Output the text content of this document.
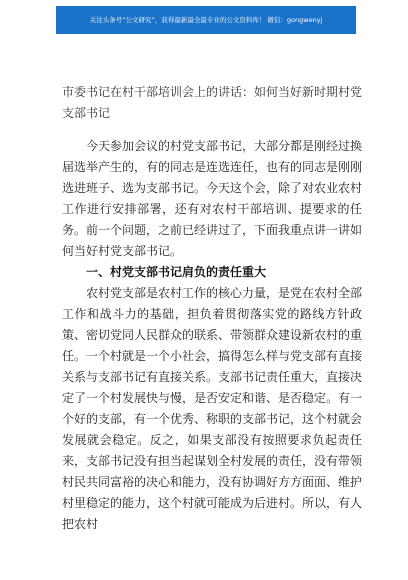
关注头条号“公文研究”，获得最新最全最专业的公文资料库！ 微信：gongwenyj
市委书记在村干部培训会上的讲话：如何当好新时期村党支部书记

今天参加会议的村党支部书记，大部分都是刚经过换届选举产生的，有的同志是连选连任，也有的同志是刚刚选进班子、选为支部书记。今天这个会，除了对农业农村工作进行安排部署，还有对农村干部培训、提要求的任务。前一个问题，之前已经讲过了，下面我重点讲一讲如何当好村党支部书记。

一、村党支部书记肩负的责任重大

农村党支部是农村工作的核心力量，是党在农村全部工作和战斗力的基础，担负着贯彻落实党的路线方针政策、密切党同人民群众的联系、带领群众建设新农村的重任。一个村就是一个小社会，搞得怎么样与党支部有直接关系与支部书记有直接关系。支部书记责任重大，直接决定了一个村发展快与慢，是否安定和谐、是否稳定。有一个好的支部，有一个优秀、称职的支部书记，这个村就会发展就会稳定。反之，如果支部没有按照要求负起责任来，支部书记没有担当起谋划全村发展的责任，没有带领村民共同富裕的决心和能力，没有协调好方方面面、维护村里稳定的能力，这个村就可能成为后进村。所以，有人把农村
